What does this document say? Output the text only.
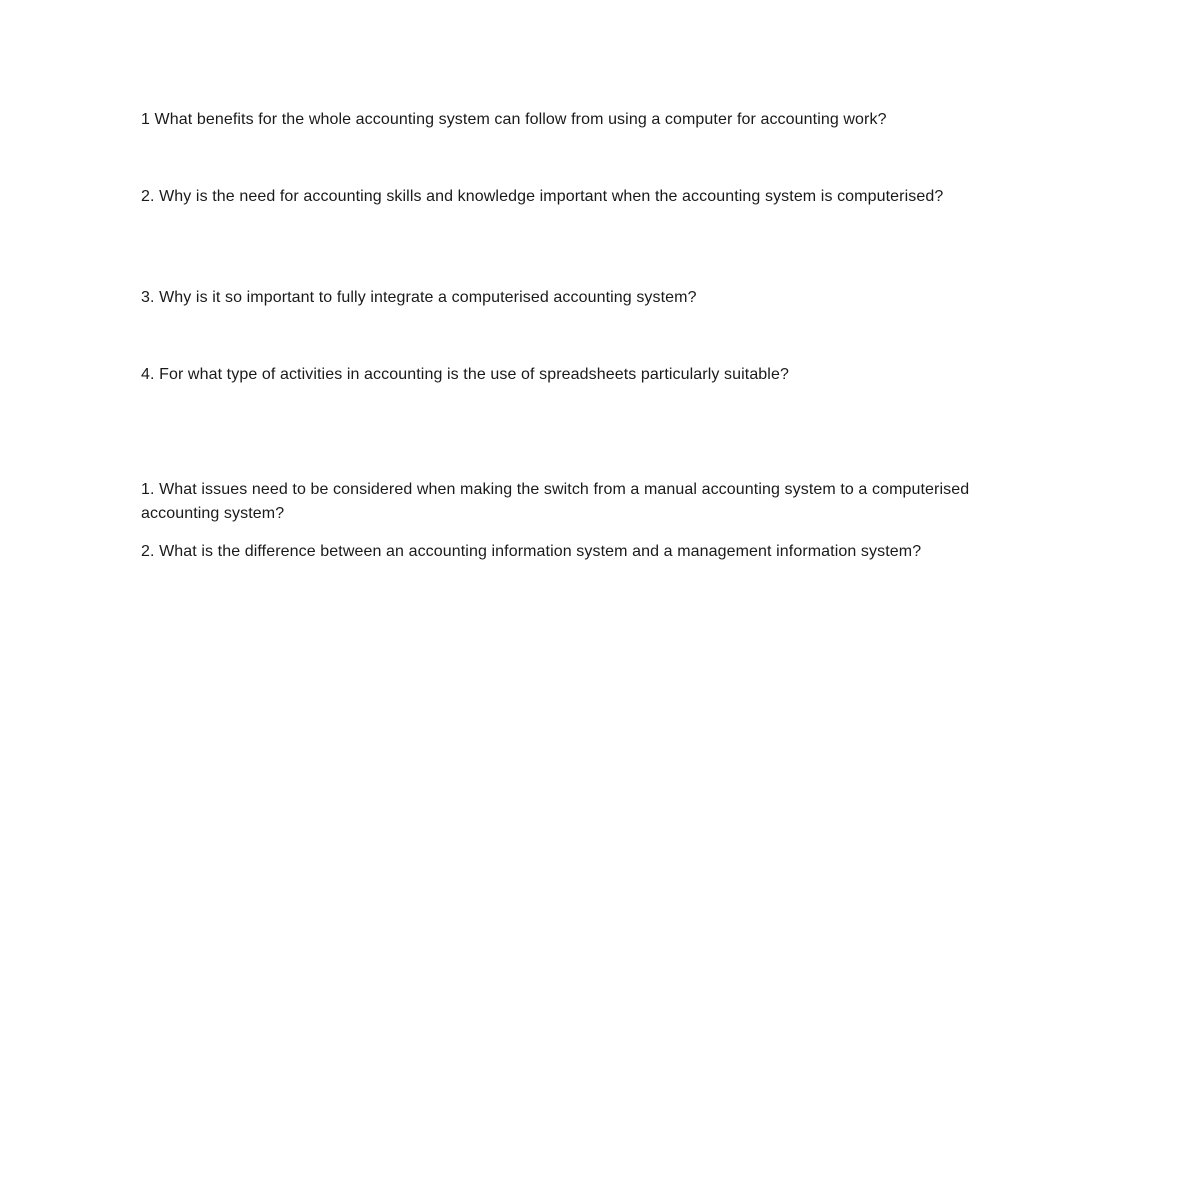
1 What benefits for the whole accounting system can follow from using a computer for accounting work?

2. Why is the need for accounting skills and knowledge important when the accounting system is computerised?

3. Why is it so important to fully integrate a computerised accounting system?

4. For what type of activities in accounting is the use of spreadsheets particularly suitable?

1. What issues need to be considered when making the switch from a manual accounting system to a computerised accounting system?

2. What is the difference between an accounting information system and a management information system?
